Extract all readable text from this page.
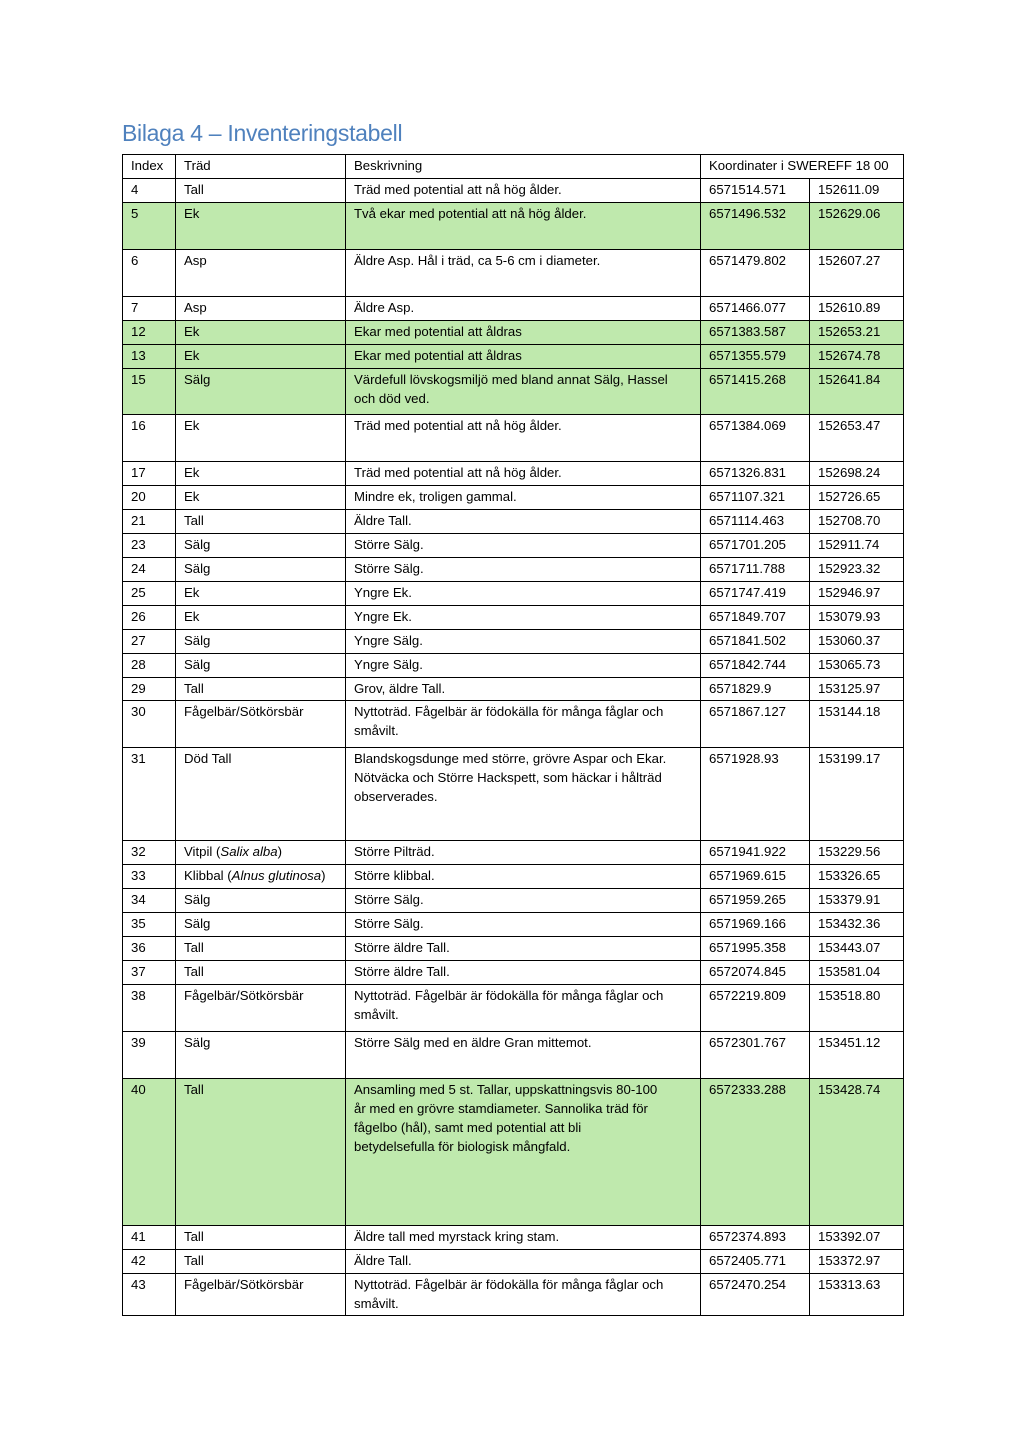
Bilaga 4 – Inventeringstabell
Index	Träd	Beskrivning	Koordinater i SWEREFF 18 00	
4	Tall	Träd med potential att nå hög ålder.	6571514.571	152611.09
5	Ek	Två ekar med potential att nå hög ålder.	6571496.532	152629.06
6	Asp	Äldre Asp. Hål i träd, ca 5-6 cm i diameter.	6571479.802	152607.27
7	Asp	Äldre Asp.	6571466.077	152610.89
12	Ek	Ekar med potential att åldras	6571383.587	152653.21
13	Ek	Ekar med potential att åldras	6571355.579	152674.78
15	Sälg	Värdefull lövskogsmiljö med bland annat Sälg, Hassel
och död ved.	6571415.268	152641.84
16	Ek	Träd med potential att nå hög ålder.	6571384.069	152653.47
17	Ek	Träd med potential att nå hög ålder.	6571326.831	152698.24
20	Ek	Mindre ek, troligen gammal.	6571107.321	152726.65
21	Tall	Äldre Tall.	6571114.463	152708.70
23	Sälg	Större Sälg.	6571701.205	152911.74
24	Sälg	Större Sälg.	6571711.788	152923.32
25	Ek	Yngre Ek.	6571747.419	152946.97
26	Ek	Yngre Ek.	6571849.707	153079.93
27	Sälg	Yngre Sälg.	6571841.502	153060.37
28	Sälg	Yngre Sälg.	6571842.744	153065.73
29	Tall	Grov, äldre Tall.	6571829.9	153125.97
30	Fågelbär/Sötkörsbär	Nyttoträd. Fågelbär är födokälla för många fåglar och
småvilt.	6571867.127	153144.18
31	Död Tall	Blandskogsdunge med större, grövre Aspar och Ekar.
Nötväcka och Större Hackspett, som häckar i hålträd
observerades.	6571928.93	153199.17
32	Vitpil (Salix alba)	Större Pilträd.	6571941.922	153229.56
33	Klibbal (Alnus glutinosa)	Större klibbal.	6571969.615	153326.65
34	Sälg	Större Sälg.	6571959.265	153379.91
35	Sälg	Större Sälg.	6571969.166	153432.36
36	Tall	Större äldre Tall.	6571995.358	153443.07
37	Tall	Större äldre Tall.	6572074.845	153581.04
38	Fågelbär/Sötkörsbär	Nyttoträd. Fågelbär är födokälla för många fåglar och
småvilt.	6572219.809	153518.80
39	Sälg	Större Sälg med en äldre Gran mittemot.	6572301.767	153451.12
40	Tall	Ansamling med 5 st. Tallar, uppskattningsvis 80-100
år med en grövre stamdiameter. Sannolika träd för
fågelbo (hål), samt med potential att bli
betydelsefulla för biologisk mångfald.	6572333.288	153428.74
41	Tall	Äldre tall med myrstack kring stam.	6572374.893	153392.07
42	Tall	Äldre Tall.	6572405.771	153372.97
43	Fågelbär/Sötkörsbär	Nyttoträd. Fågelbär är födokälla för många fåglar och
småvilt.	6572470.254	153313.63
